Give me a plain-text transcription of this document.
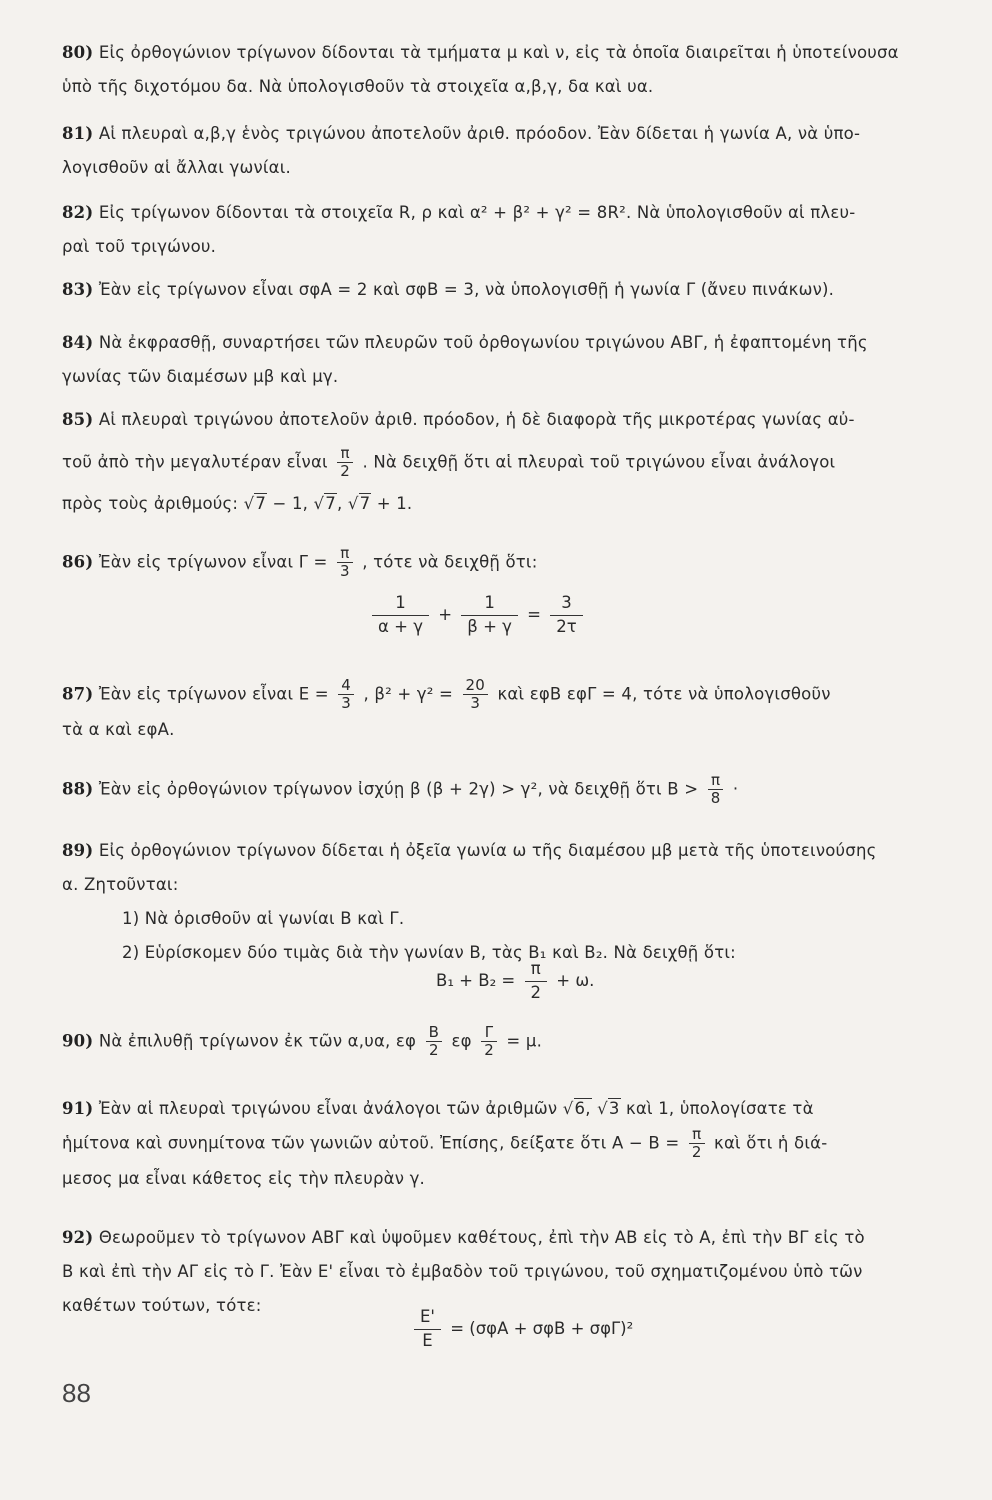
80) Εἰς ὀρθογώνιον τρίγωνον δίδονται τὰ τμήματα μ καὶ ν, εἰς τὰ ὁποῖα διαιρεῖται ἡ ὑποτείνουσα
ὑπὸ τῆς διχοτόμου δα. Νὰ ὑπολογισθοῦν τὰ στοιχεῖα α,β,γ, δα καὶ υα.
81) Αἱ πλευραὶ α,β,γ ἑνὸς τριγώνου ἀποτελοῦν ἀριθ. πρόοδον. Ἐὰν δίδεται ἡ γωνία Α, νὰ ὑπο-
λογισθοῦν αἱ ἄλλαι γωνίαι.
82) Εἰς τρίγωνον δίδονται τὰ στοιχεῖα R, ρ καὶ α² + β² + γ² = 8R². Νὰ ὑπολογισθοῦν αἱ πλευ-
ραὶ τοῦ τριγώνου.
83) Ἐὰν εἰς τρίγωνον εἶναι σφΑ = 2 καὶ σφΒ = 3, νὰ ὑπολογισθῇ ἡ γωνία Γ (ἄνευ πινάκων).
84) Νὰ ἐκφρασθῇ, συναρτήσει τῶν πλευρῶν τοῦ ὀρθογωνίου τριγώνου ΑΒΓ, ἡ ἐφαπτομένη τῆς
γωνίας τῶν διαμέσων μβ καὶ μγ.
85) Αἱ πλευραὶ τριγώνου ἀποτελοῦν ἀριθ. πρόοδον, ἡ δὲ διαφορὰ τῆς μικροτέρας γωνίας αὐ-
τοῦ ἀπὸ τὴν μεγαλυτέραν εἶναι $\frac{\pi}{2}$ . Νὰ δειχθῇ ὅτι αἱ πλευραὶ τοῦ τριγώνου εἶναι ἀνάλογοι
πρὸς τοὺς ἀριθμούς: √7 − 1, √7, √7 + 1.
86) Ἐὰν εἰς τρίγωνον εἶναι $\Gamma = \frac{\pi}{3}$ , τότε νὰ δειχθῇ ὅτι:
$\frac{1}{\alpha + \gamma} + \frac{1}{\beta + \gamma} = \frac{3}{2\tau}$
87) Ἐὰν εἰς τρίγωνον εἶναι $E = \frac{4}{3}$ , $\beta^2 + \gamma^2 = \frac{20}{3}$ καὶ εφΒ εφΓ = 4, τότε νὰ ὑπολογισθοῦν
τὰ α καὶ εφΑ.
88) Ἐὰν εἰς ὀρθογώνιον τρίγωνον ἰσχύῃ β (β + 2γ) > γ², νὰ δειχθῇ ὅτι $B > \frac{\pi}{8}$ ·
89) Εἰς ὀρθογώνιον τρίγωνον δίδεται ἡ ὀξεῖα γωνία ω τῆς διαμέσου μβ μετὰ τῆς ὑποτεινούσης
α. Ζητοῦνται:
1) Νὰ ὁρισθοῦν αἱ γωνίαι Β καὶ Γ.
2) Εὑρίσκομεν δύο τιμὰς διὰ τὴν γωνίαν Β, τὰς Β₁ καὶ Β₂. Νὰ δειχθῇ ὅτι:
$B_1 + B_2 = \frac{\pi}{2} + \omega$.
90) Νὰ ἐπιλυθῇ τρίγωνον ἐκ τῶν α,υα, εφ $\frac{B}{2}$ εφ $\frac{\Gamma}{2} = \mu$.
91) Ἐὰν αἱ πλευραὶ τριγώνου εἶναι ἀνάλογοι τῶν ἀριθμῶν √6, √3 καὶ 1, ὑπολογίσατε τὰ
ἡμίτονα καὶ συνημίτονα τῶν γωνιῶν αὐτοῦ. Ἐπίσης, δείξατε ὅτι $A - B = \frac{\pi}{2}$ καὶ ὅτι ἡ διά-
μεσος μα εἶναι κάθετος εἰς τὴν πλευρὰν γ.
92) Θεωροῦμεν τὸ τρίγωνον ΑΒΓ καὶ ὑψοῦμεν καθέτους, ἐπὶ τὴν ΑΒ εἰς τὸ Α, ἐπὶ τὴν ΒΓ εἰς τὸ
Β καὶ ἐπὶ τὴν ΑΓ εἰς τὸ Γ. Ἐὰν Ε' εἶναι τὸ ἐμβαδὸν τοῦ τριγώνου, τοῦ σχηματιζομένου ὑπὸ τῶν
καθέτων τούτων, τότε:
$\frac{E'}{E} = (\sigma\varphi A + \sigma\varphi B + \sigma\varphi\Gamma)^2$
88
